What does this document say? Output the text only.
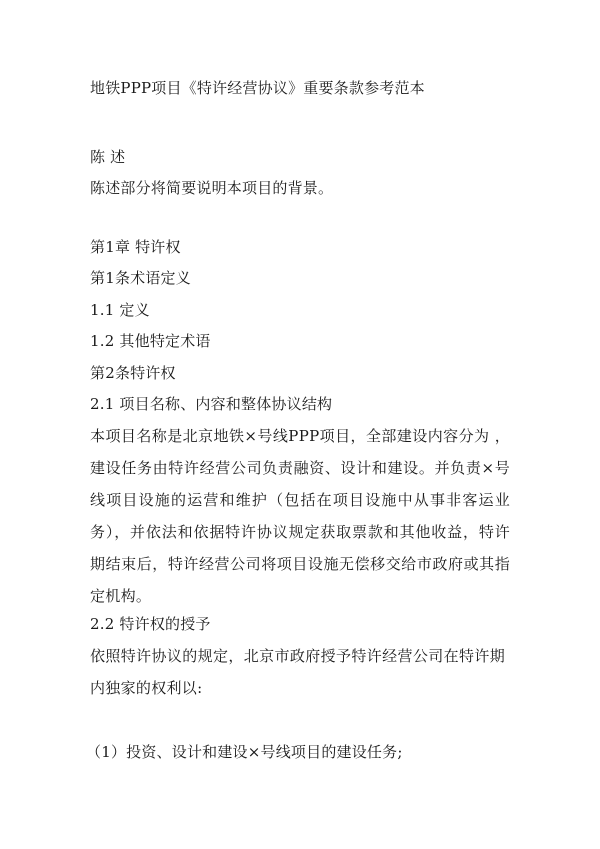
地铁PPP项目《特许经营协议》重要条款参考范本
陈 述
陈述部分将简要说明本项目的背景。
第1章 特许权
第1条术语定义
1.1 定义
1.2 其他特定术语
第2条特许权
2.1 项目名称、内容和整体协议结构
本项目名称是北京地铁×号线PPP项目，全部建设内容分为 ，建设任务由特许经营公司负责融资、设计和建设。并负责×号线项目设施的运营和维护（包括在项目设施中从事非客运业务），并依法和依据特许协议规定获取票款和其他收益，特许期结束后，特许经营公司将项目设施无偿移交给市政府或其指定机构。
2.2 特许权的授予
依照特许协议的规定，北京市政府授予特许经营公司在特许期内独家的权利以:
（1）投资、设计和建设×号线项目的建设任务;
